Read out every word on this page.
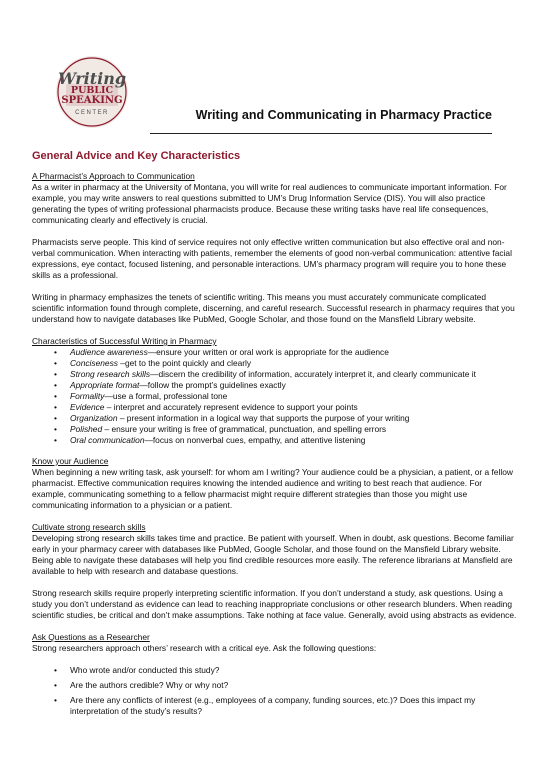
Writing
PUBLIC
SPEAKING
CENTER	Writing and Communicating in Pharmacy Practice
General Advice and Key Characteristics

A Pharmacist’s Approach to Communication

As a writer in pharmacy at the University of Montana, you will write for real audiences to communicate important information. For example, you may write answers to real questions submitted to UM’s Drug Information Service (DIS). You will also practice generating the types of writing professional pharmacists produce. Because these writing tasks have real life consequences, communicating clearly and effectively is crucial.

Pharmacists serve people. This kind of service requires not only effective written communication but also effective oral and non-verbal communication. When interacting with patients, remember the elements of good non-verbal communication: attentive facial expressions, eye contact, focused listening, and personable interactions. UM’s pharmacy program will require you to hone these skills as a professional.

Writing in pharmacy emphasizes the tenets of scientific writing. This means you must accurately communicate complicated scientific information found through complete, discerning, and careful research. Successful research in pharmacy requires that you understand how to navigate databases like PubMed, Google Scholar, and those found on the Mansfield Library website.

Characteristics of Successful Writing in Pharmacy

• Audience awareness—ensure your written or oral work is appropriate for the audience
• Conciseness –get to the point quickly and clearly
• Strong research skills—discern the credibility of information, accurately interpret it, and clearly communicate it
• Appropriate format—follow the prompt’s guidelines exactly
• Formality—use a formal, professional tone
• Evidence – interpret and accurately represent evidence to support your points
• Organization – present information in a logical way that supports the purpose of your writing
• Polished – ensure your writing is free of grammatical, punctuation, and spelling errors
• Oral communication—focus on nonverbal cues, empathy, and attentive listening

Know your Audience

When beginning a new writing task, ask yourself: for whom am I writing? Your audience could be a physician, a patient, or a fellow pharmacist. Effective communication requires knowing the intended audience and writing to best reach that audience. For example, communicating something to a fellow pharmacist might require different strategies than those you might use communicating information to a physician or a patient.

Cultivate strong research skills

Developing strong research skills takes time and practice. Be patient with yourself. When in doubt, ask questions. Become familiar early in your pharmacy career with databases like PubMed, Google Scholar, and those found on the Mansfield Library website. Being able to navigate these databases will help you find credible resources more easily. The reference librarians at Mansfield are available to help with research and database questions.

Strong research skills require properly interpreting scientific information. If you don’t understand a study, ask questions. Using a study you don’t understand as evidence can lead to reaching inappropriate conclusions or other research blunders. When reading scientific studies, be critical and don’t make assumptions. Take nothing at face value. Generally, avoid using abstracts as evidence.

Ask Questions as a Researcher

Strong researchers approach others’ research with a critical eye. Ask the following questions:

• Who wrote and/or conducted this study?
• Are the authors credible? Why or why not?
• Are there any conflicts of interest (e.g., employees of a company, funding sources, etc.)? Does this impact my interpretation of the study’s results?
